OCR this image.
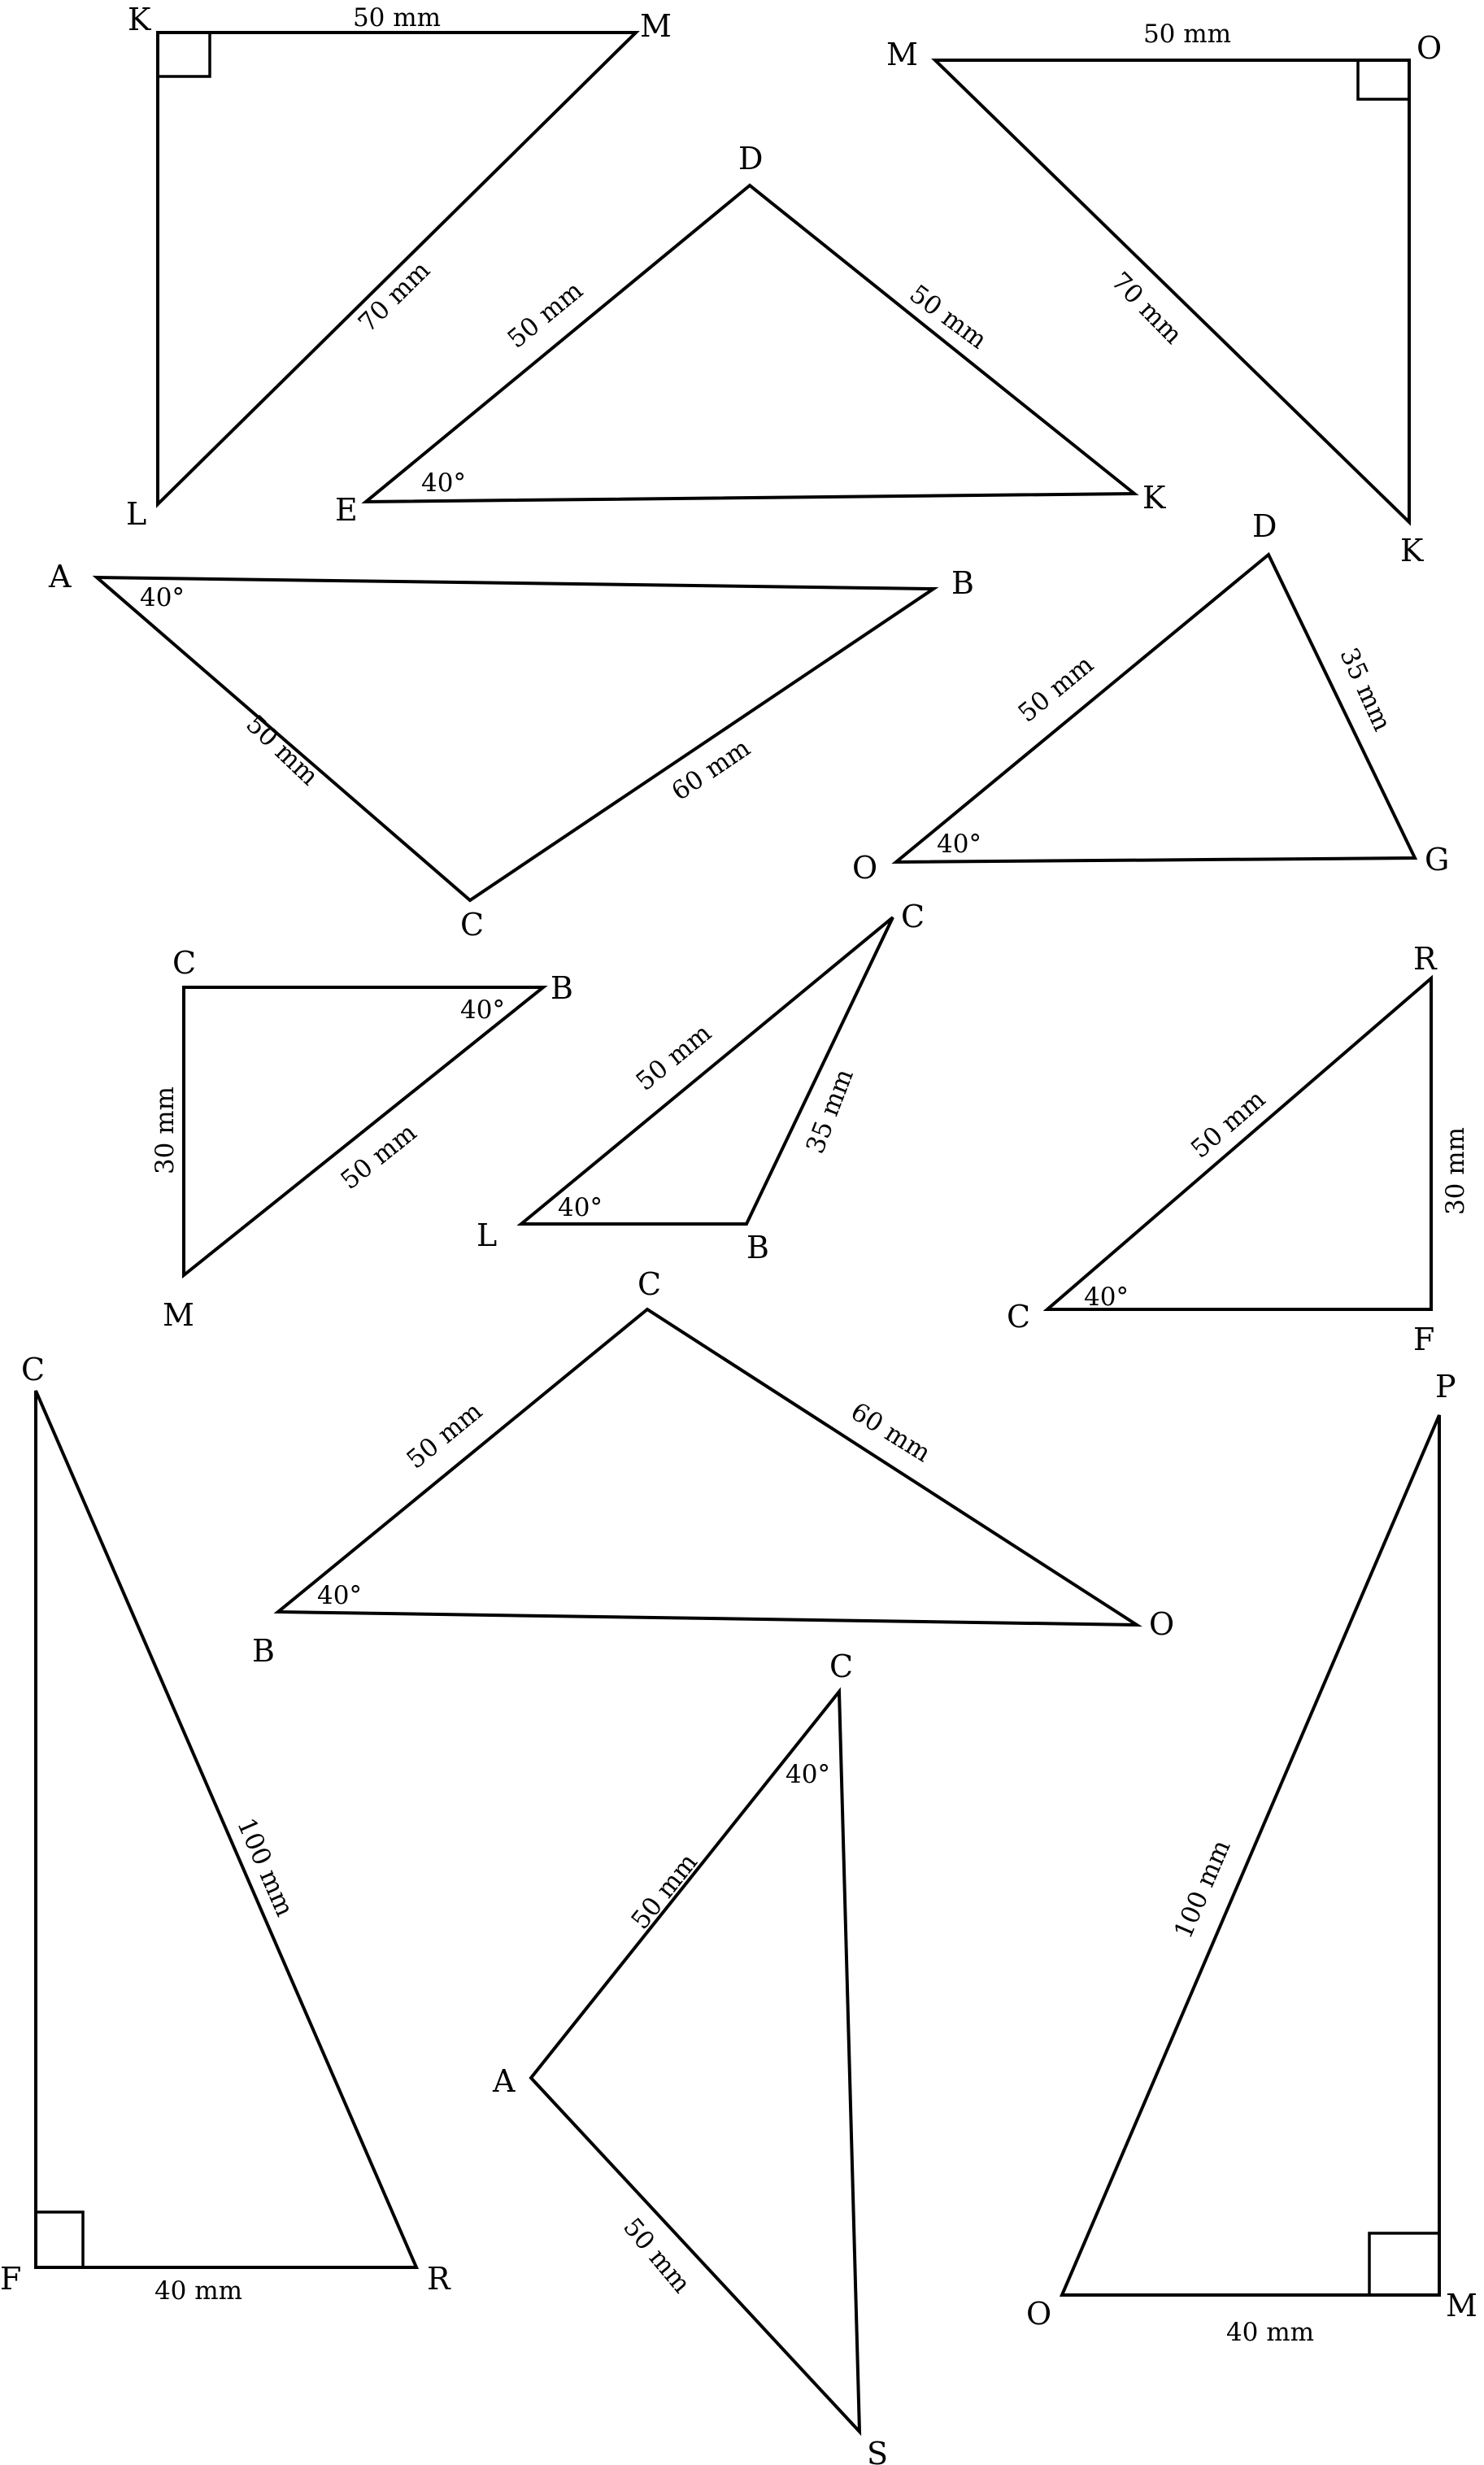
K	M
L
50 mm
70 mm
M	O
K
50 mm
70 mm
D
E	K
50 mm	50 mm
40°
A	B
C
50 mm	60 mm
40°
D
O	G
50 mm	35 mm
40°
C
B
M
30 mm	50 mm
40°
C
L	B
50 mm
35 mm
40°
R
C
F
50 mm
30 mm
40°
C
B
O
50 mm	60 mm
40°
C
F	R
100 mm
40 mm
C
A
S
50 mm
50 mm
40°
P
O	M
100 mm
40 mm
